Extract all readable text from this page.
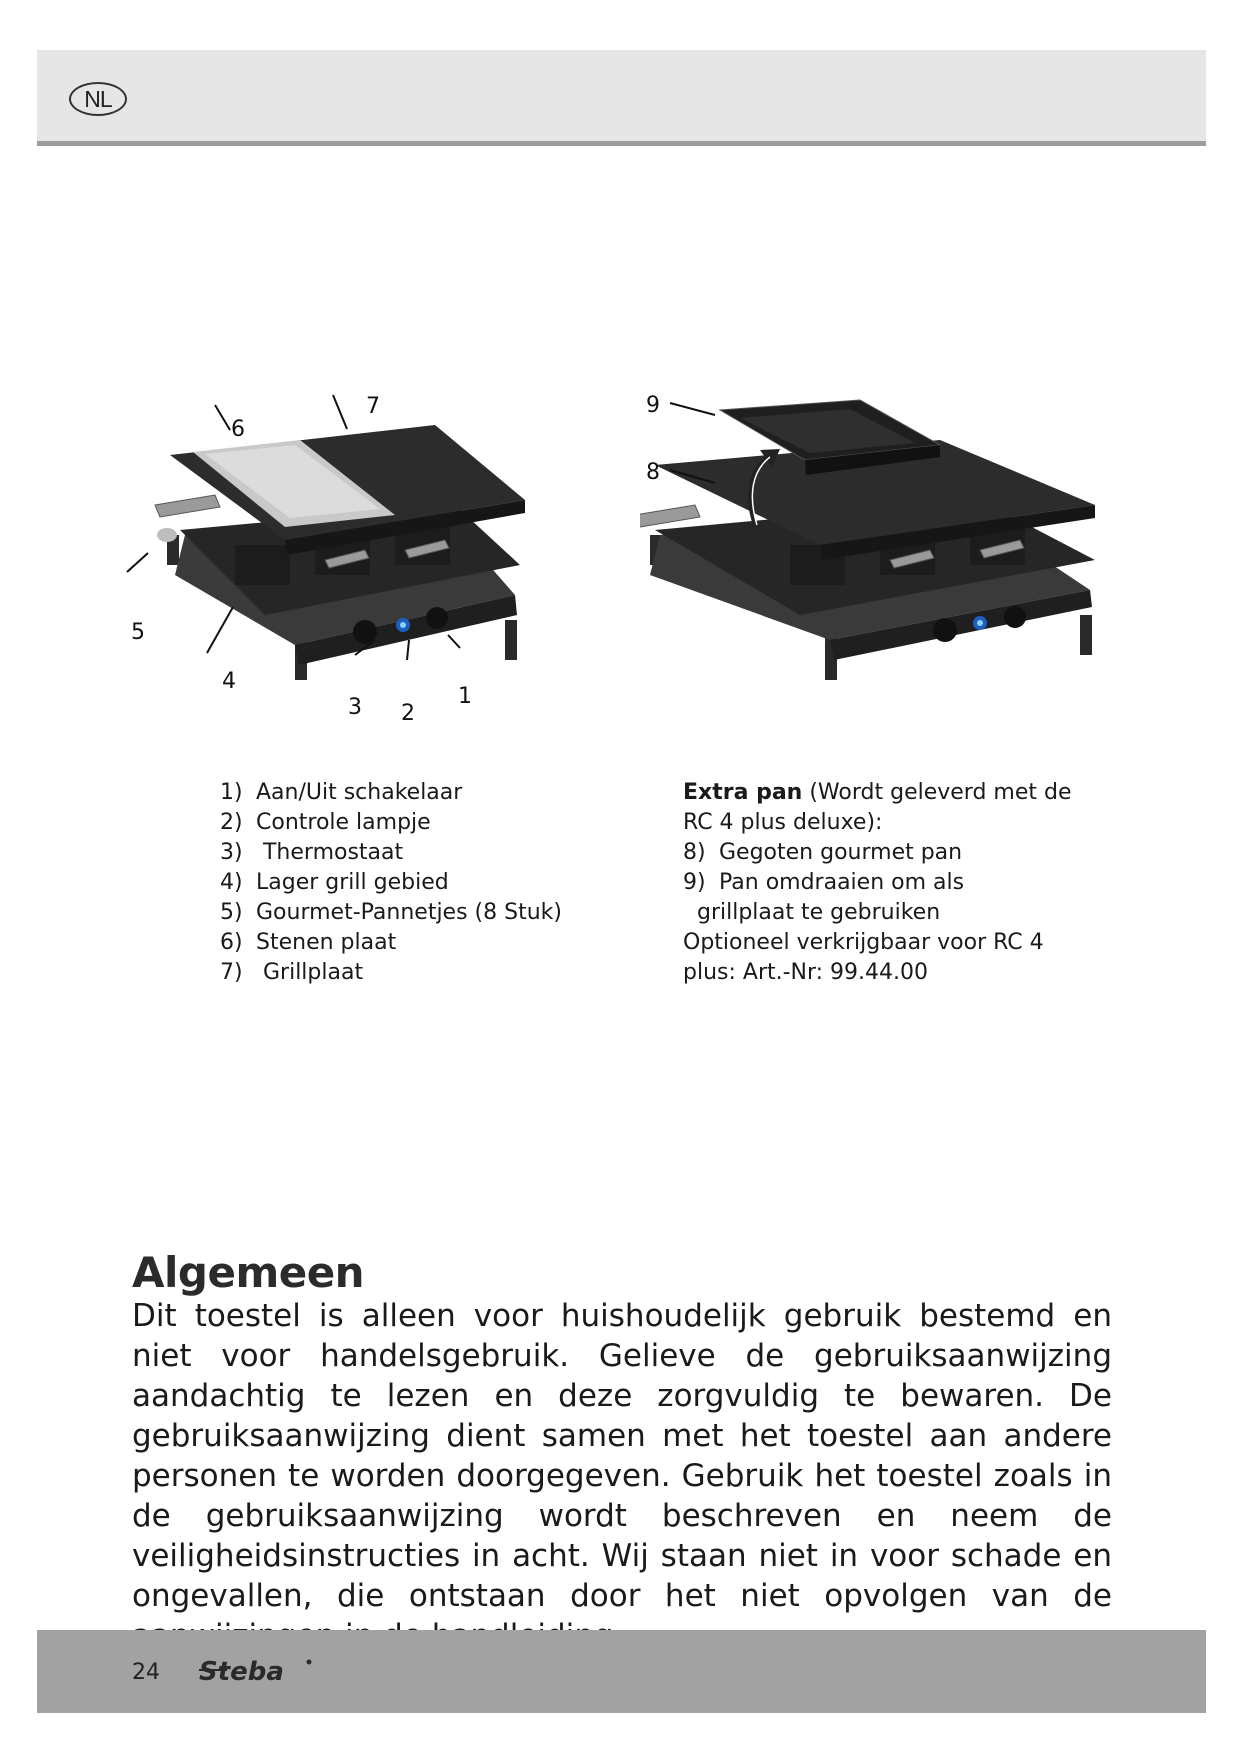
NL
1
2
3
4
5
6
7	9
8
1) Aan/Uit schakelaar
2) Controle lampje
3) Thermostaat
4) Lager grill gebied
5) Gourmet-Pannetjes (8 Stuk)
6) Stenen plaat
7) Grillplaat
Extra pan (Wordt geleverd met de
RC 4 plus deluxe):
8) Gegoten gourmet pan
9) Pan omdraaien om als
grillplaat te gebruiken
Optioneel verkrijgbaar voor RC 4
plus: Art.-Nr: 99.44.00
Algemeen

Dit toestel is alleen voor huishoudelijk gebruik bestemd en niet voor handelsgebruik. Gelieve de gebruiksaanwijzing aandachtig te lezen en deze zorgvuldig te bewaren. De gebruiksaanwijzing dient samen met het toestel aan andere personen te worden doorgegeven. Gebruik het toestel zoals in de gebruiksaanwijzing wordt beschreven en neem de veiligheidsinstructies in acht. Wij staan niet in voor schade en ongevallen, die ontstaan door het niet opvolgen van de

24 Steba
